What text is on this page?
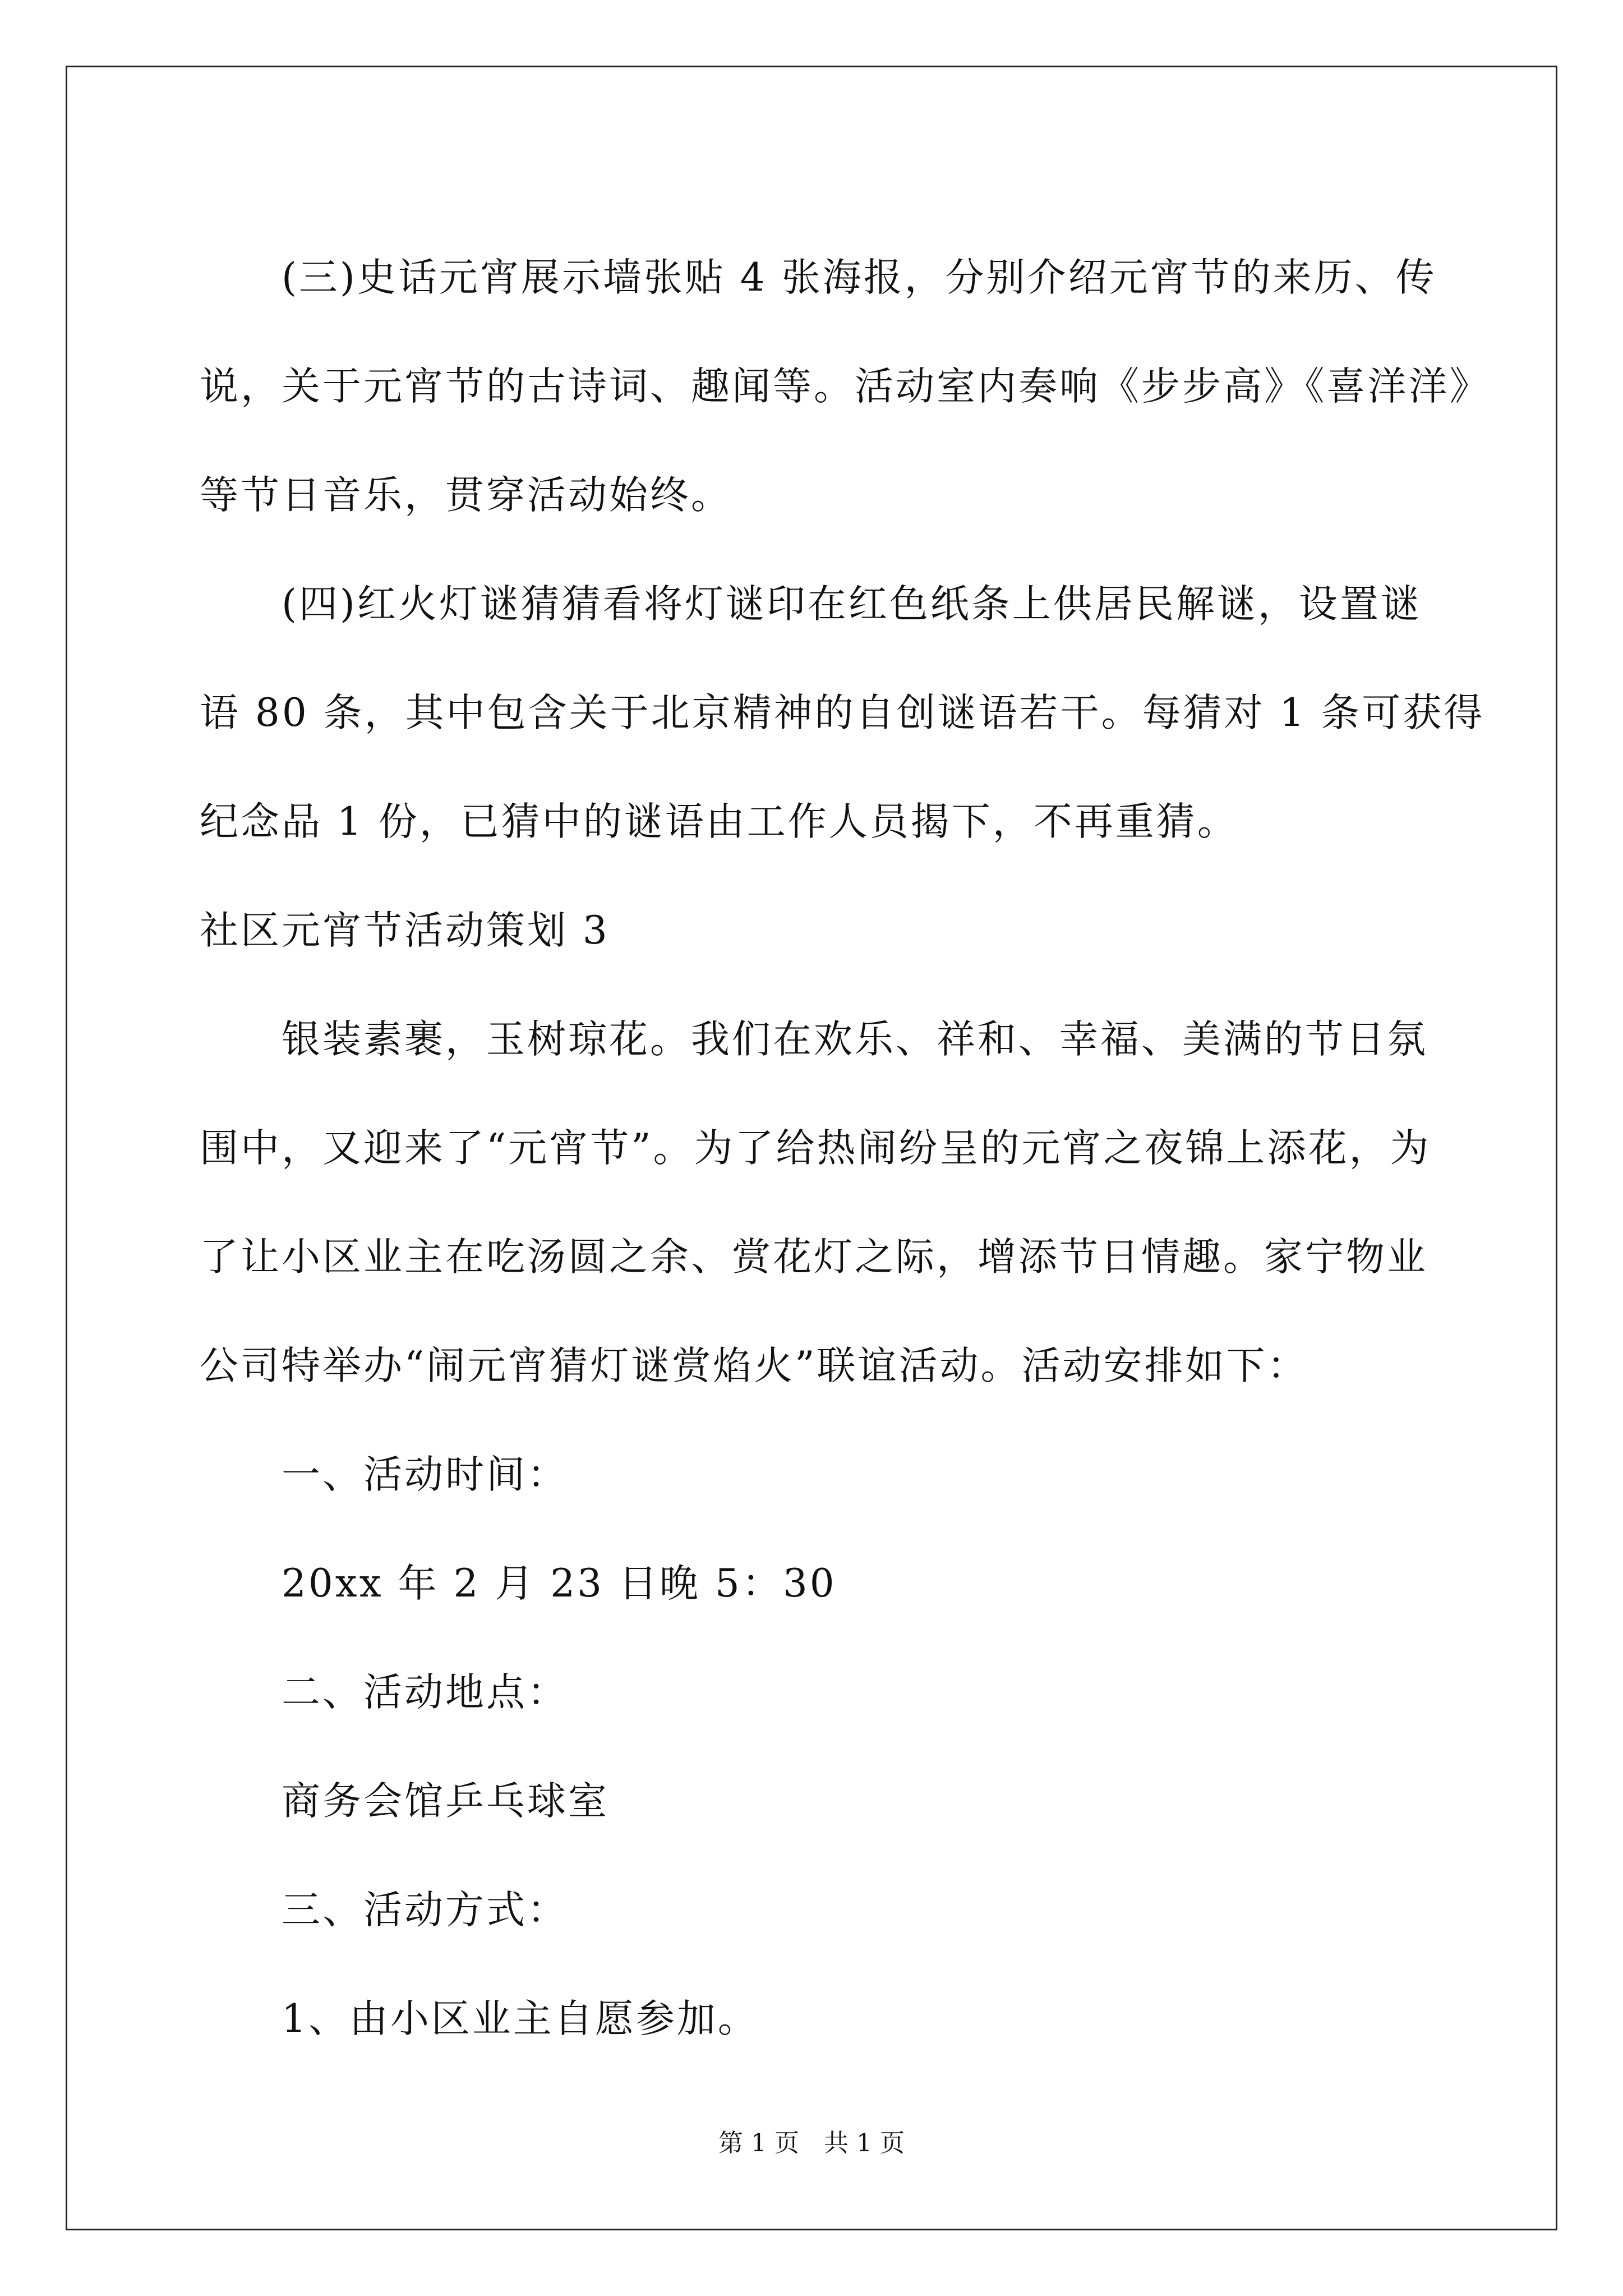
(三)史话元宵展示墙张贴 4 张海报，分别介绍元宵节的来历、传
说，关于元宵节的古诗词、趣闻等。活动室内奏响《步步高》《喜洋洋》
等节日音乐，贯穿活动始终。
(四)红火灯谜猜猜看将灯谜印在红色纸条上供居民解谜，设置谜
语 80 条，其中包含关于北京精神的自创谜语若干。每猜对 1 条可获得
纪念品 1 份，已猜中的谜语由工作人员揭下，不再重猜。
社区元宵节活动策划 3
银装素裹，玉树琼花。我们在欢乐、祥和、幸福、美满的节日氛
围中，又迎来了“元宵节”。为了给热闹纷呈的元宵之夜锦上添花，为
了让小区业主在吃汤圆之余、赏花灯之际，增添节日情趣。家宁物业
公司特举办“闹元宵猜灯谜赏焰火”联谊活动。活动安排如下：
一、活动时间：
20xx 年 2 月 23 日晚 5：30
二、活动地点：
商务会馆乒乓球室
三、活动方式：
1、由小区业主自愿参加。
第 1 页　共 1 页
